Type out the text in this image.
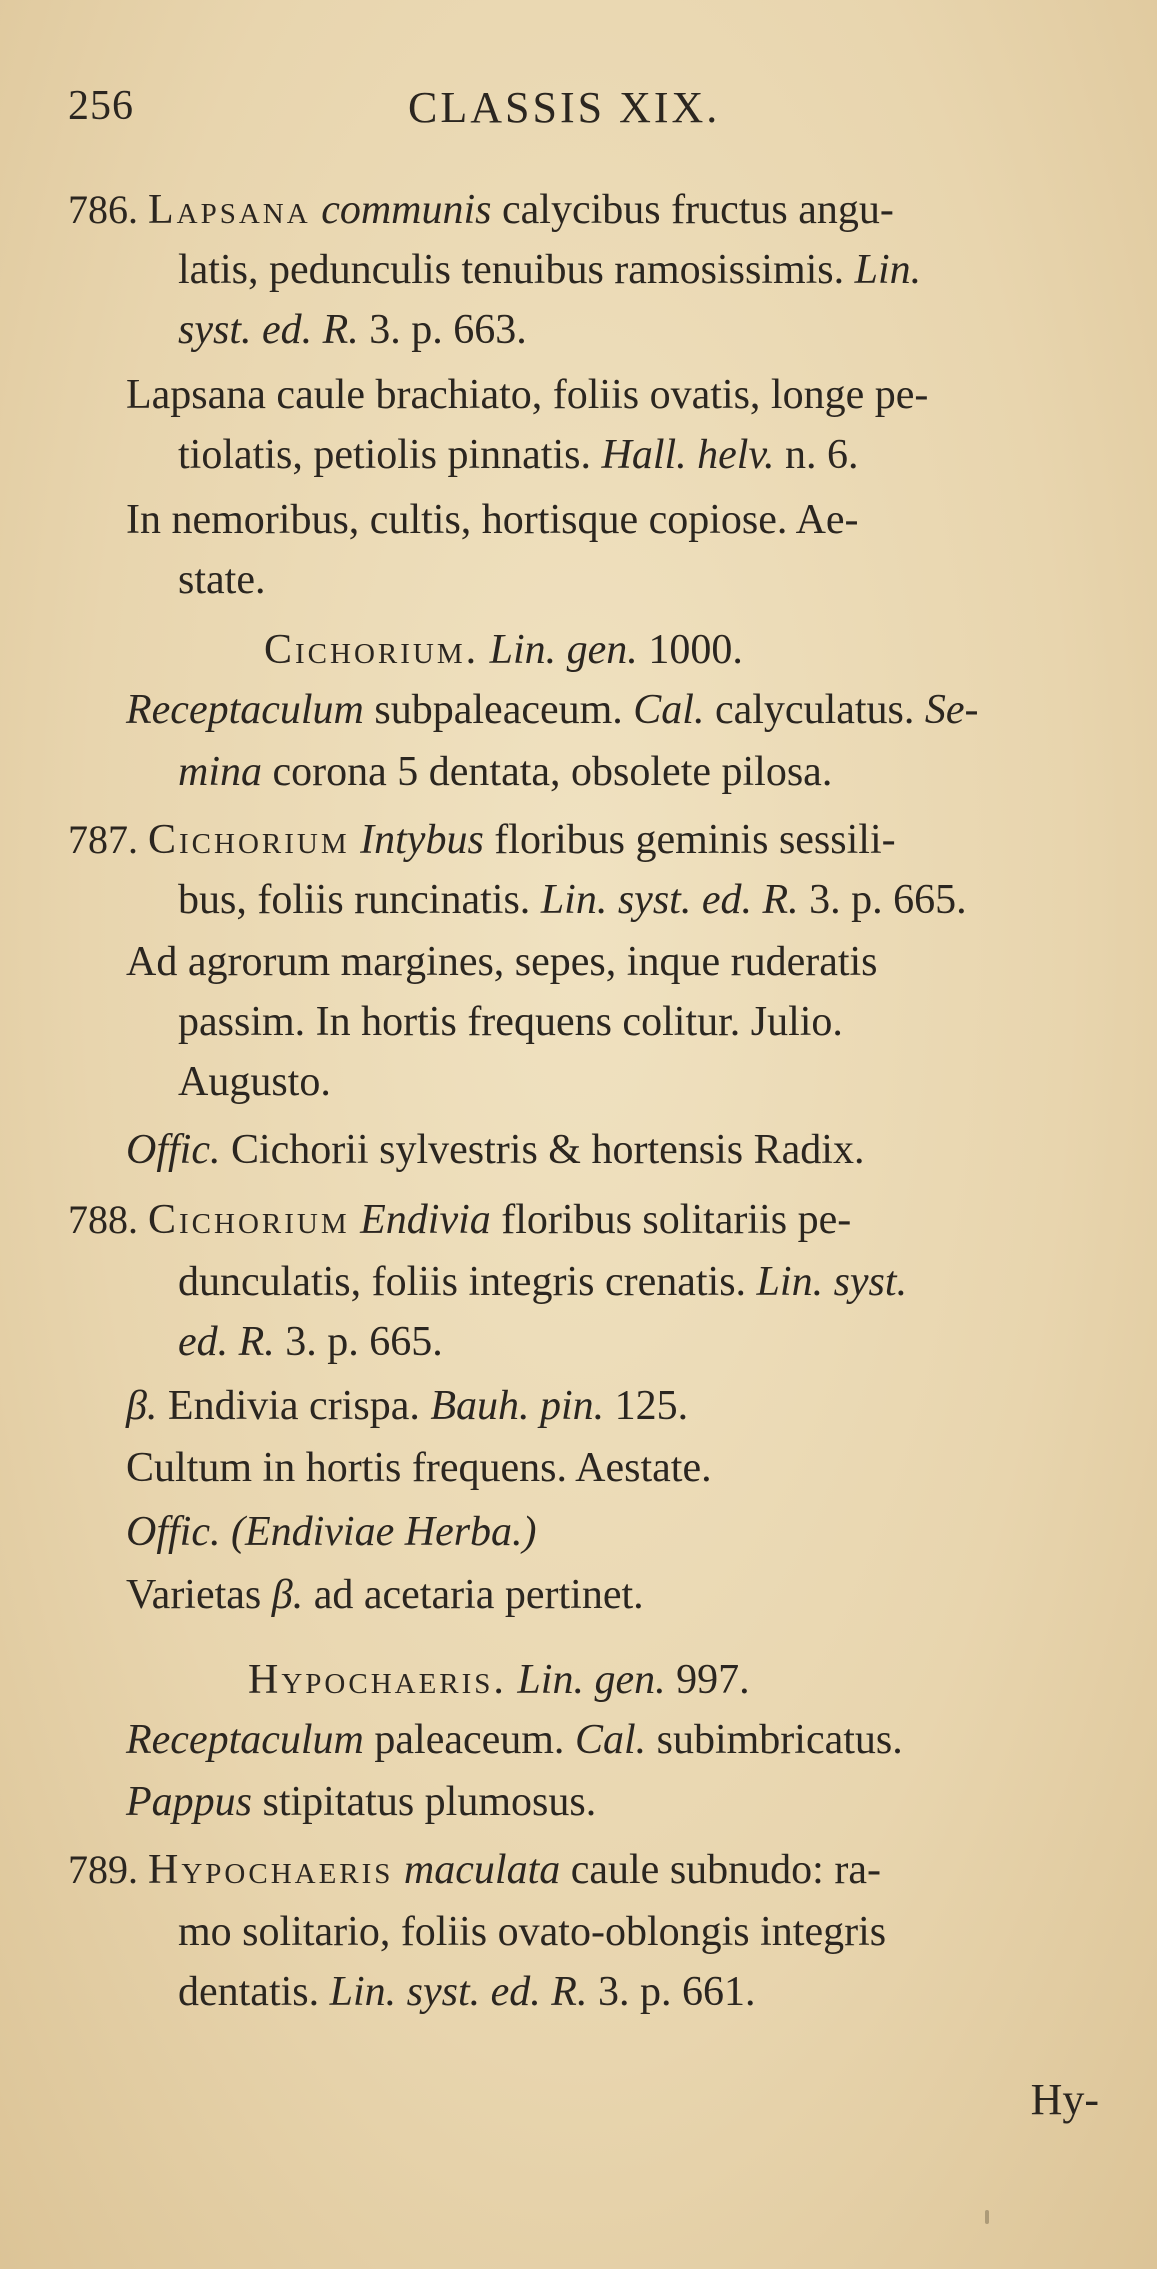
256	CLASSIS XIX.
786. Lapsana communis calycibus fructus angu-
latis, pedunculis tenuibus ramosissimis. Lin.
syst. ed. R. 3. p. 663.
Lapsana caule brachiato, foliis ovatis, longe pe-
tiolatis, petiolis pinnatis. Hall. helv. n. 6.
In nemoribus, cultis, hortisque copiose. Ae-
state.
Cichorium. Lin. gen. 1000.
Receptaculum subpaleaceum. Cal. calyculatus. Se-
mina corona 5 dentata, obsolete pilosa.
787. Cichorium Intybus floribus geminis sessili-
bus, foliis runcinatis. Lin. syst. ed. R. 3. p. 665.
Ad agrorum margines, sepes, inque ruderatis
passim. In hortis frequens colitur. Julio.
Augusto.
Offic. Cichorii sylvestris & hortensis Radix.
788. Cichorium Endivia floribus solitariis pe-
dunculatis, foliis integris crenatis. Lin. syst.
ed. R. 3. p. 665.
β. Endivia crispa. Bauh. pin. 125.
Cultum in hortis frequens. Aestate.
Offic. (Endiviae Herba.)
Varietas β. ad acetaria pertinet.
Hypochaeris. Lin. gen. 997.
Receptaculum paleaceum. Cal. subimbricatus.
Pappus stipitatus plumosus.
789. Hypochaeris maculata caule subnudo: ra-
mo solitario, foliis ovato-oblongis integris
dentatis. Lin. syst. ed. R. 3. p. 661.
Hy-
